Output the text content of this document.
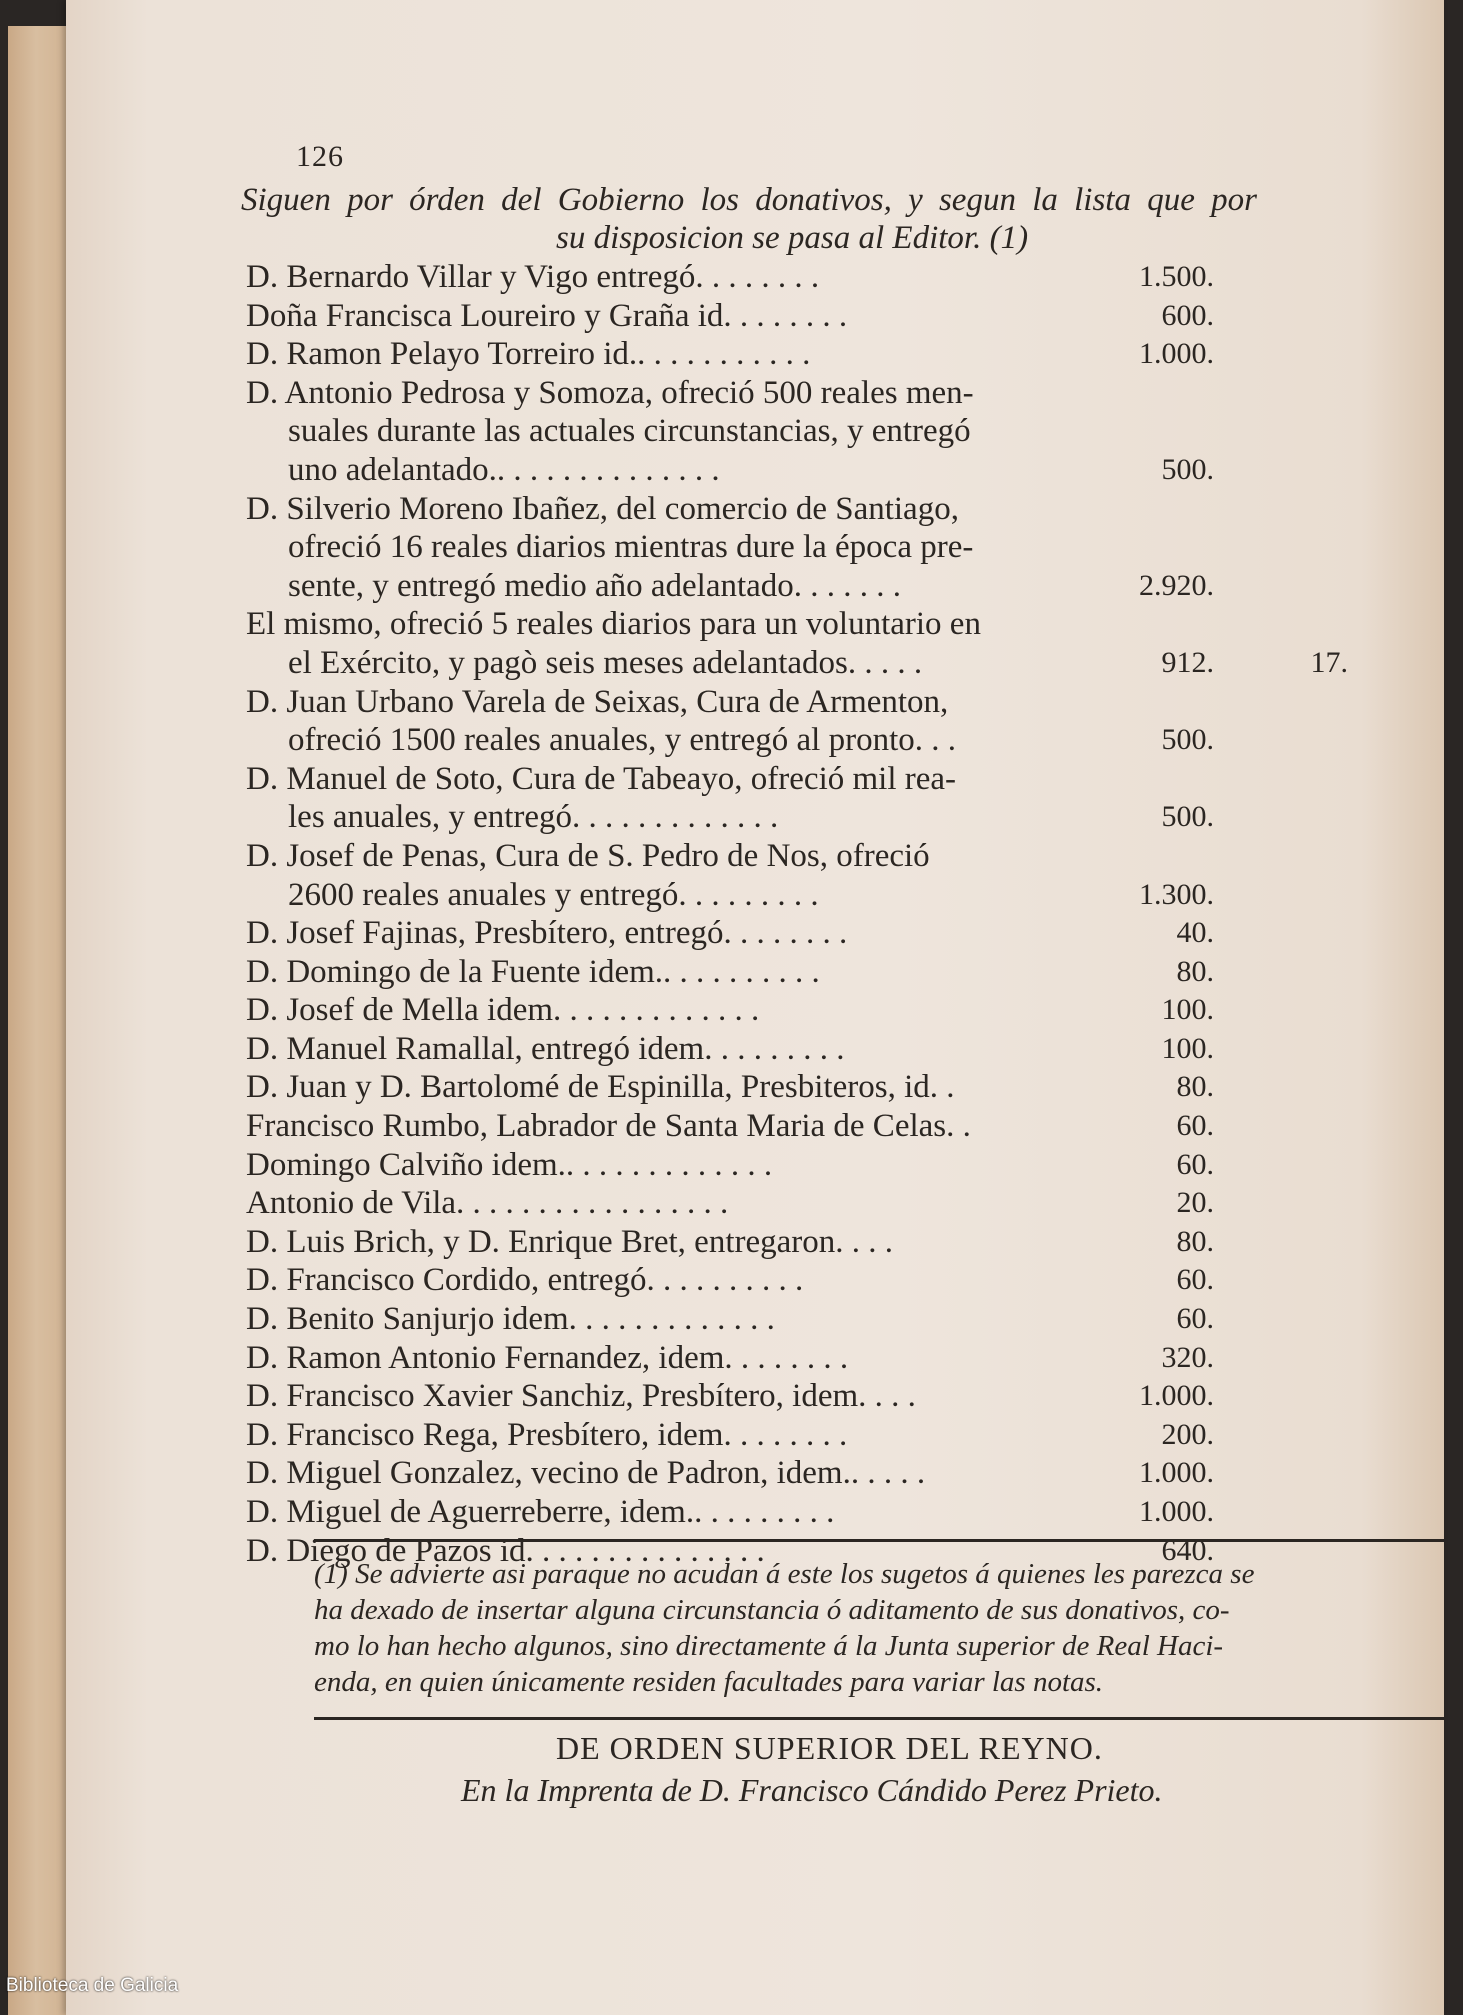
126
Siguen por órden del Gobierno los donativos, y segun la lista que por
su disposicion se pasa al Editor. (1)
D. Bernardo Villar y Vigo entregó. . . . . . . .	1.500.
Doña Francisca Loureiro y Graña id. . . . . . . .	600.
D. Ramon Pelayo Torreiro id.. . . . . . . . . . .	1.000.
D. Antonio Pedrosa y Somoza, ofreció 500 reales men-
suales durante las actuales circunstancias, y entregó
uno adelantado.. . . . . . . . . . . . . .	500.
D. Silverio Moreno Ibañez, del comercio de Santiago,
ofreció 16 reales diarios mientras dure la época pre-
sente, y entregó medio año adelantado. . . . . . .	2.920.
El mismo, ofreció 5 reales diarios para un voluntario en
el Exército, y pagò seis meses adelantados. . . . .	912.	17.
D. Juan Urbano Varela de Seixas, Cura de Armenton,
ofreció 1500 reales anuales, y entregó al pronto. . .	500.
D. Manuel de Soto, Cura de Tabeayo, ofreció mil rea-
les anuales, y entregó. . . . . . . . . . . . .	500.
D. Josef de Penas, Cura de S. Pedro de Nos, ofreció
2600 reales anuales y entregó. . . . . . . . .	1.300.
D. Josef Fajinas, Presbítero, entregó. . . . . . . .	40.
D. Domingo de la Fuente idem.. . . . . . . . . .	80.
D. Josef de Mella idem. . . . . . . . . . . . .	100.
D. Manuel Ramallal, entregó idem. . . . . . . . .	100.
D. Juan y D. Bartolomé de Espinilla, Presbiteros, id. .	80.
Francisco Rumbo, Labrador de Santa Maria de Celas. .	60.
Domingo Calviño idem.. . . . . . . . . . . . .	60.
Antonio de Vila. . . . . . . . . . . . . . . . .	20.
D. Luis Brich, y D. Enrique Bret, entregaron. . . .	80.
D. Francisco Cordido, entregó. . . . . . . . . .	60.
D. Benito Sanjurjo idem. . . . . . . . . . . . .	60.
D. Ramon Antonio Fernandez, idem. . . . . . . .	320.
D. Francisco Xavier Sanchiz, Presbítero, idem. . . .	1.000.
D. Francisco Rega, Presbítero, idem. . . . . . . .	200.
D. Miguel Gonzalez, vecino de Padron, idem.. . . . .	1.000.
D. Miguel de Aguerreberre, idem.. . . . . . . . .	1.000.
D. Diego de Pazos id. . . . . . . . . . . . . . .	640.
(1) Se advierte asi paraque no acudan á este los sugetos á quienes les parezca se
ha dexado de insertar alguna circunstancia ó aditamento de sus donativos, co-
mo lo han hecho algunos, sino directamente á la Junta superior de Real Haci-
enda, en quien únicamente residen facultades para variar las notas.
DE ORDEN SUPERIOR DEL REYNO.
En la Imprenta de D. Francisco Cándido Perez Prieto.
Biblioteca de Galicia
